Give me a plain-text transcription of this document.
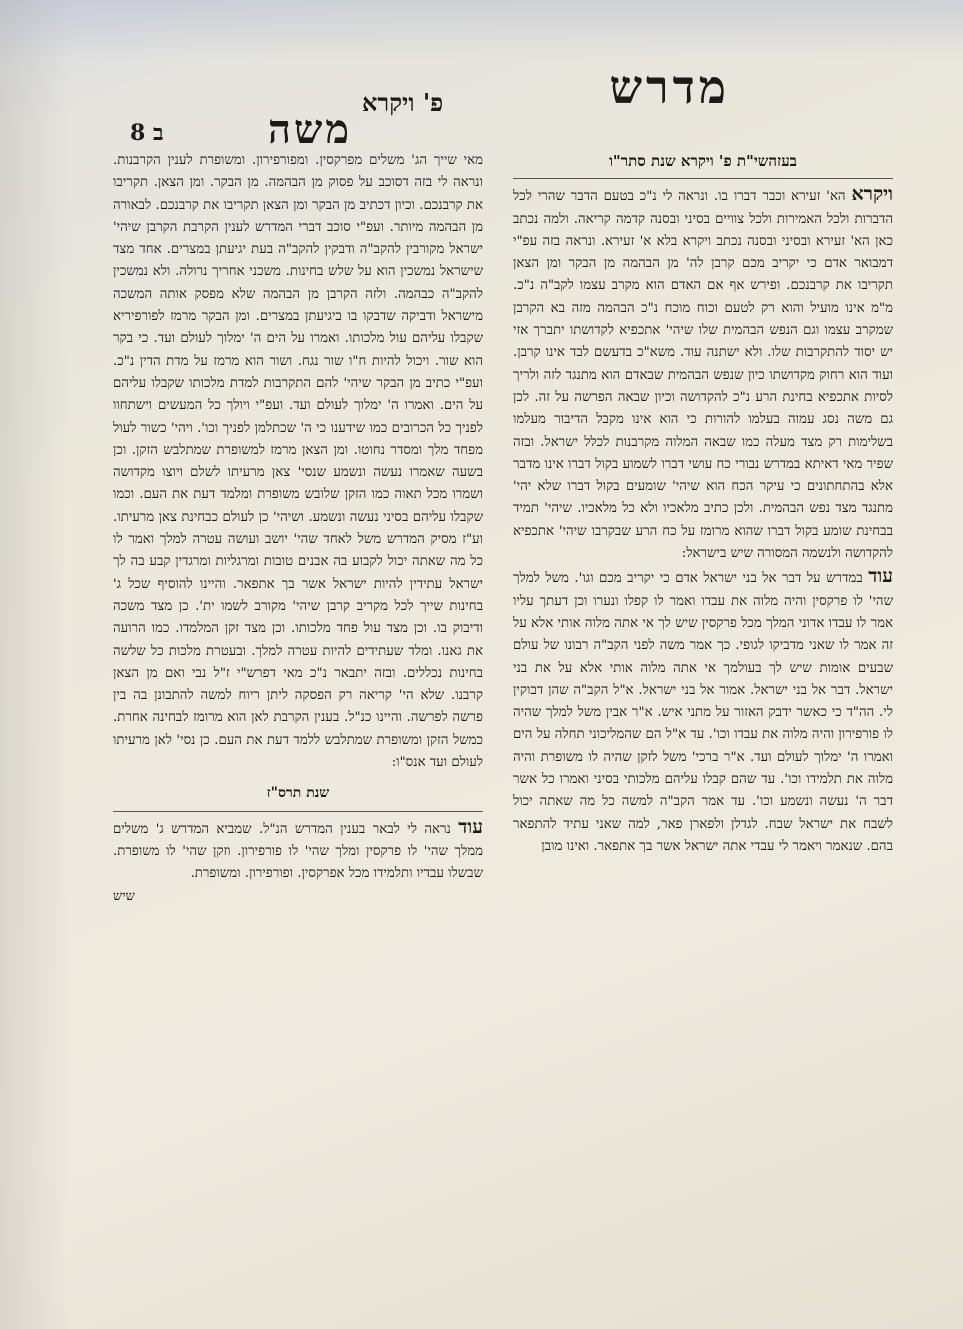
מדרש
פ' ויקרא
משה
ב 8
בעזהשי"ת פ' ויקרא שנת סתר"ו

ויקרא הא' זעירא וכבר דברו בו. ונראה לי נ"כ בטעם הדבר שהרי לכל הדברות ולכל האמירות ולכל צוויים בסיני ובסנה קדמה קריאה. ולמה נכתב כאן הא' זעירא ובסיני ובסנה נכתב ויקרא בלא א' זעירא. ונראה בזה עפ"י דמבואר אדם כי יקריב מכם קרבן לה' מן הבהמה מן הבקר ומן הצאן תקריבו את קרבנכם. ופירש אף אם האדם הוא מקרב עצמו לקב"ה נ"כ. מ"מ אינו מועיל והוא רק לטעם וכוח מוכח נ"כ הבהמה מזה בא הקרבן שמקרב עצמו וגם הנפש הבהמית שלו שיהי' אתכפיא לקדושתו יתברך אזי יש יסוד להתקרבות שלו. ולא ישתנה עוד. משא"כ בדעשם לבד אינו קרבן. ועוד הוא רחוק מקדושתו כיון שנפש הבהמית שבאדם הוא מתנגד לזה ולריך לסיות אתכפיא בחינת הרע נ"כ להקדושה וכיון שבאה הפרשה על זה. לכן גם משה נסג עמוה בעלמו להורות כי הוא אינו מקבל הדיבור מעלמו בשלימות רק מצד מעלה כמו שבאה המלוה מקרבנות לכלל ישראל. ובזה שפיר מאי דאיתא במדרש נבורי כח עושי דברו לשמוע בקול דברו אינו מדבר אלא בהתחתונים כי עיקר הכח הוא שיהי' שומעים בקול דברו שלא יהי' מתנגד מצד נפש הבהמית. ולכן כתיב מלאכיו ולא כל מלאכיו. שיהי' תמיד בבחינת שומע בקול דברו שהוא מרומז על כח הרע שבקרבו שיהי' אתכפיא להקדושה ולנשמה המסורה שיש בישראל:

עוד במדרש על דבר אל בני ישראל אדם כי יקריב מכם וגו'. משל למלך שהי' לו פרקסין והיה מלוה את עבדו ואמר לו קפלו ונערו וכן דעתך עליו אמר לו עבדו אדוני המלך מכל פרקסין שיש לך אי אתה מלוה אותי אלא על זה אמר לו שאני מדביקו לגופי. כך אמר משה לפני הקב"ה רבונו של עולם שבעים אומות שיש לך בעולמך אי אתה מלוה אותי אלא על את בני ישראל. דבר אל בני ישראל. אמור אל בני ישראל. א"ל הקב"ה שהן דבוקין לי. הה"ד כי כאשר ידבק האזור על מתני איש. א"ר אבין משל למלך שהיה לו פורפירון והיה מלוה את עבדו וכו'. עד א"ל הם שהמליכוני תחלה על הים ואמרו ה' ימלוך לעולם ועד. א"ר ברכי' משל לזקן שהיה לו משופרת והיה מלוה את תלמידו וכו'. עד שהם קבלו עליהם מלכותי בסיני ואמרו כל אשר דבר ה' נעשה ונשמע וכו'. עד אמר הקב"ה למשה כל מה שאתה יכול לשבח את ישראל שבח. לגדלן ולפארן פאר, למה שאני עתיד להתפאר בהם. שנאמר ויאמר לי עבדי אתה ישראל אשר בך אתפאר. ואינו מובן

מאי שייך הג' משלים מפרקסין. ומפורפירון. ומשופרת לענין הקרבנות. ונראה לי בזה דסוכב על פסוק מן הבהמה. מן הבקר. ומן הצאן. תקריבו את קרבנכם. וכיון דכתיב מן הבקר ומן הצאן תקריבו את קרבנכם. לבאורה מן הבהמה מיותר. ועפ"י סוכב דברי המדרש לענין הקרבת הקרבן שיהי' ישראל מקורבין להקב"ה ודבקין להקב"ה בעת יגיעתן במצרים. אחד מצד שישראל נמשכין הוא על שלש בחינות. משכני אחריך נרולה. ולא נמשכין להקב"ה כבהמה. ולזה הקרבן מן הבהמה שלא מפסק אותה המשכה מישראל ודביקה שדבקו בו ביגיעתן במצרים. ומן הבקר מרמז לפורפיריא שקבלו עליהם עול מלכותו. ואמרו על הים ה' ימלוך לעולם ועד. כי בקר הוא שור. ויכול להיות ח"ו שור נגח. ושור הוא מרמז על מדת הדין נ"כ. ועפ"י כתיב מן הבקר שיהי' להם התקרבות למדת מלכותו שקבלו עליהם על הים. ואמרו ה' ימלוך לעולם ועד. ועפ"י ויולך כל המעשים וישתחוו לפניך כל הכרובים כמו שידענו כי ה' שכתלמן לפניך וכו'. ויהי' כשור לעול מפחד מלך ומסדר נחוטו. ומן הצאן מרמז למשופרת שמתלבש הזקן. וכן בשעה שאמרו נעשה ונשמע שנסי' צאן מרעיתו לשלם ויוצו מקדושה ושמרו מכל תאוה כמו הזקן שלובש משופרת ומלמד דעת את העם. וכמו שקבלו עליהם בסיני נעשה ונשמע. ושיהי' כן לעולם כבחינת צאן מרעיתו. וע"ז מסיק המדרש משל לאחד שהי' יושב ועושה עטרה למלך ואמר לו כל מה שאתה יכול לקבוע בה אבנים טובות ומרגליות ומרגדין קבע בה לך ישראל עתידין להיות ישראל אשר בך אתפאר. והיינו להוסיף שכל ג' בחינות שייך לכל מקריב קרבן שיהי' מקורב לשמו ית'. כן מצד משכה ודיבוק בו. וכן מצד עול פחד מלכותו. וכן מצד זקן המלמדו. כמו הרועה את גאנו. ומלד שעתידים להיות עטרה למלך. ובעטרת מלכות כל שלשה בחינות נכללים. ובזה יתבאר נ"כ מאי דפרש"י ז"ל נבי ואם מן הצאן קרבנו. שלא הי' קריאה רק הפסקה ליתן ריוח למשה להתבונן בה בין פרשה לפרשה. והיינו כנ"ל. בענין הקרבת לאן הוא מרומז לבחינה אחרת. כמשל הזקן ומשופרת שמתלבש ללמד דעת את העם. כן נסי' לאן מרעיתו לעולם ועד אנס"ו:

שנת תרס"ז

עוד נראה לי לבאר בענין המדרש הנ"ל. שמביא המדרש ג' משלים ממלך שהי' לו פרקסין ומלך שהי' לו פורפירון. וזקן שהי' לו משופרת. שבשלו עבדיו ותלמידו מכל אפרקסין. ופורפירון. ומשופרת.

שיש
